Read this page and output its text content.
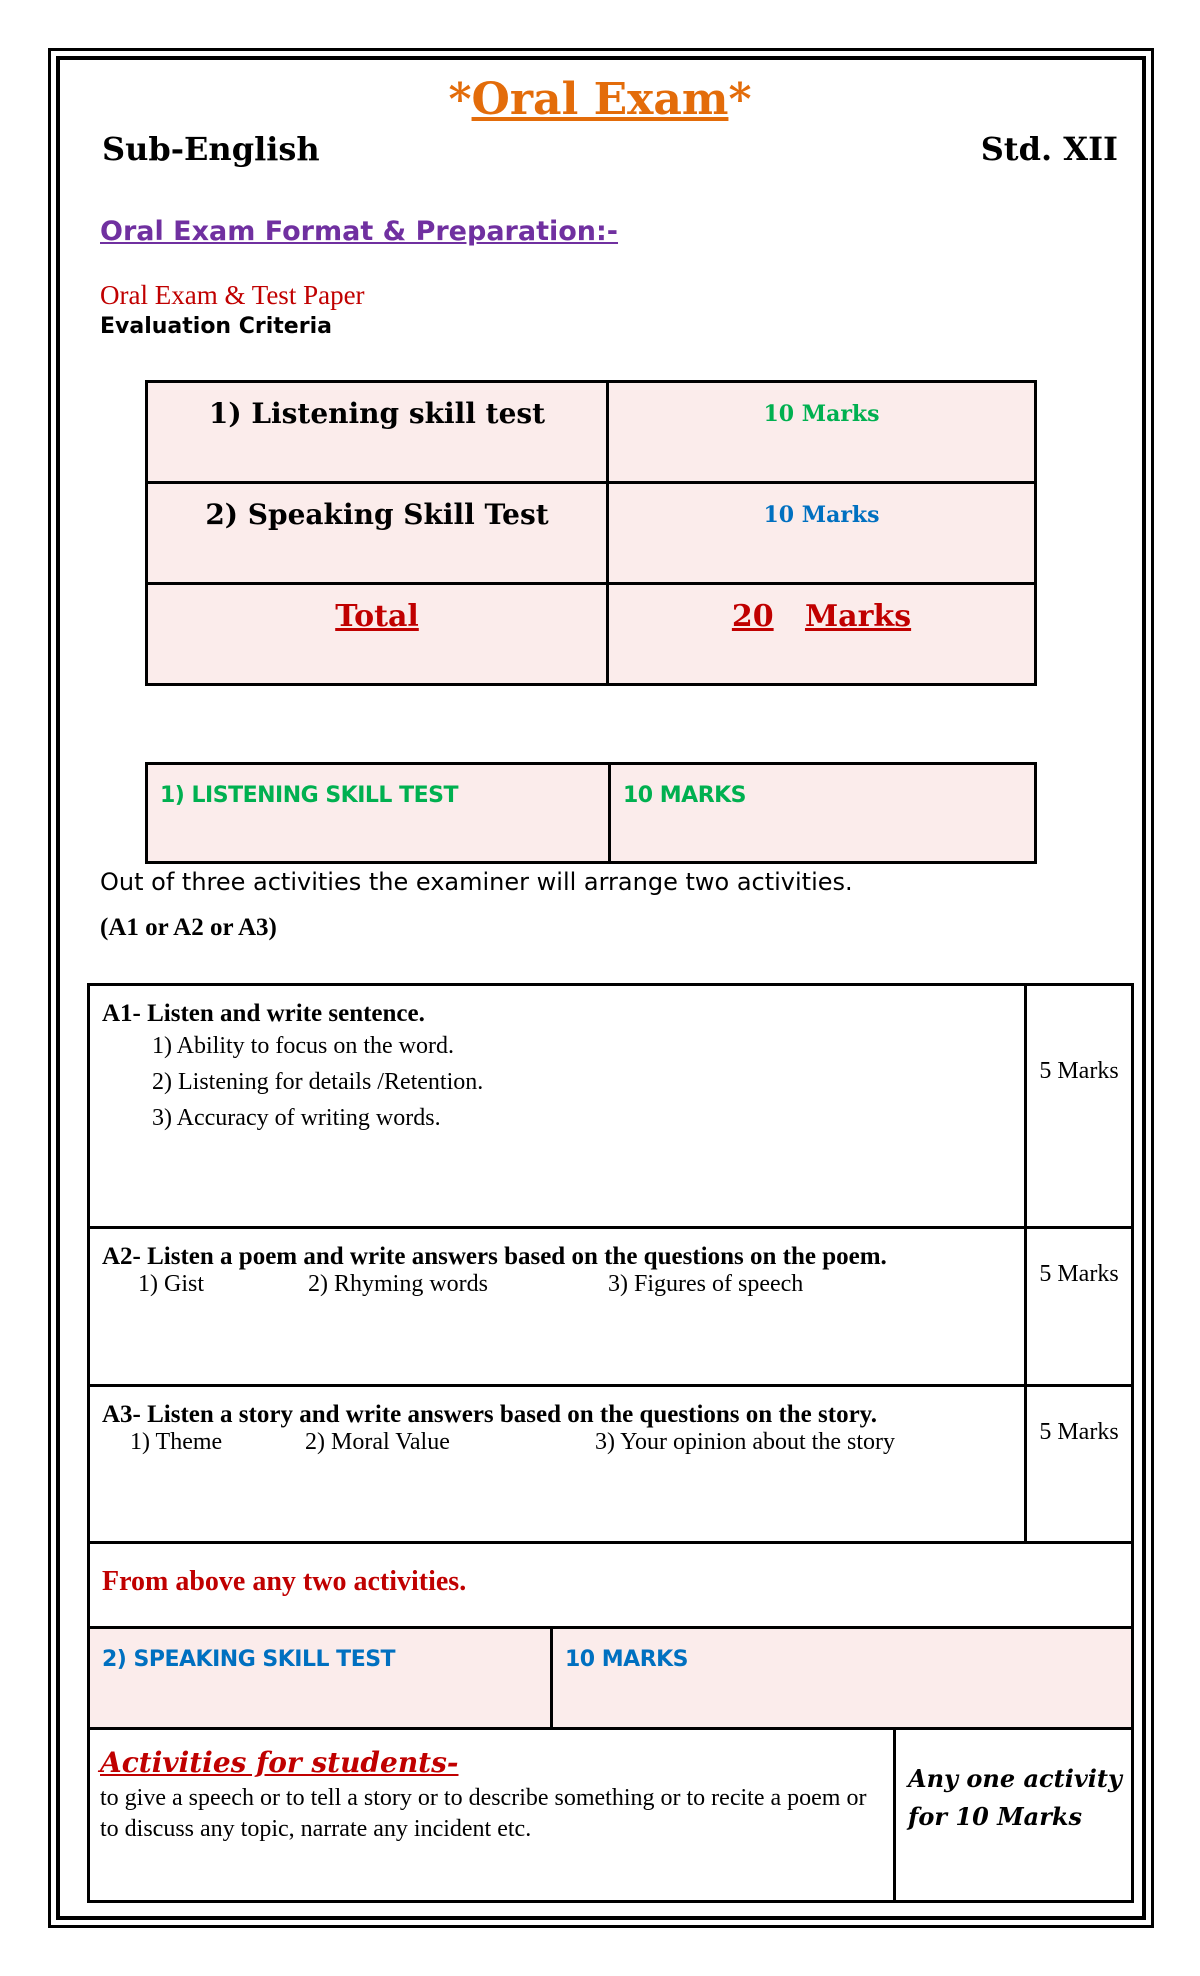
*Oral Exam*
Sub-English	Std. XII
Oral Exam Format & Preparation:-
Oral Exam & Test Paper
Evaluation Criteria
1) Listening skill test	10 Marks

2) Speaking Skill Test	10 Marks

Total	20 Marks
1) LISTENING SKILL TEST	10 MARKS
Out of three activities the examiner will arrange two activities.
(A1 or A2 or A3)
A1- Listen and write sentence.
1) Ability to focus on the word.
2) Listening for details /Retention.
3) Accuracy of writing words.	5 Marks

A2- Listen a poem and write answers based on the questions on the poem.
1) Gist 2) Rhyming words 3) Figures of speech	5 Marks

A3- Listen a story and write answers based on the questions on the story.
1) Theme 2) Moral Value 3) Your opinion about the story	5 Marks

From above any two activities.	
2) SPEAKING SKILL TEST	10 MARKS	

Activities for students-
to give a speech or to tell a story or to describe something or to recite a poem or to discuss any topic, narrate any incident etc.		Any one activity
for 10 Marks
